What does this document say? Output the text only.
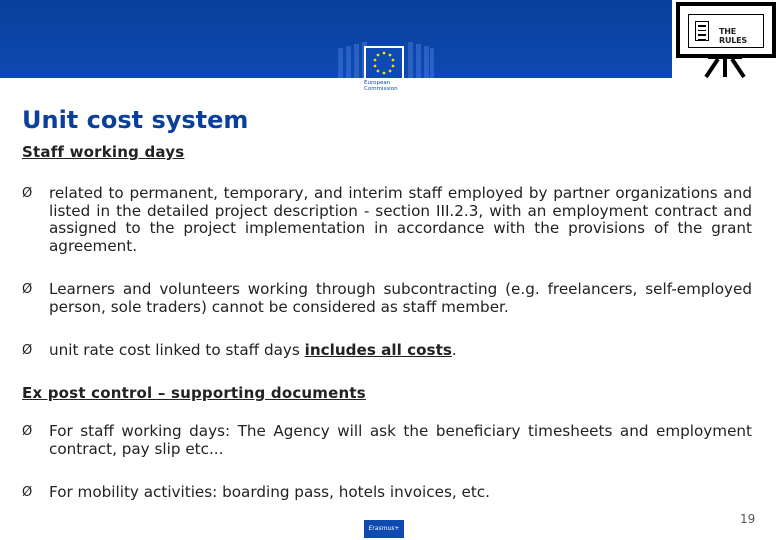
European
Commission
THE RULES
Unit cost system
Staff working days
Ø related to permanent, temporary, and interim staff employed by partner organizations and listed in the detailed project description - section III.2.3, with an employment contract and assigned to the project implementation in accordance with the provisions of the grant agreement.
Ø Learners and volunteers working through subcontracting (e.g. freelancers, self-employed person, sole traders) cannot be considered as staff member.
Ø unit rate cost linked to staff days includes all costs.
Ex post control – supporting documents
Ø For staff working days: The Agency will ask the beneficiary timesheets and employment contract, pay slip etc...
Ø For mobility activities: boarding pass, hotels invoices, etc.
Erasmus+
19
